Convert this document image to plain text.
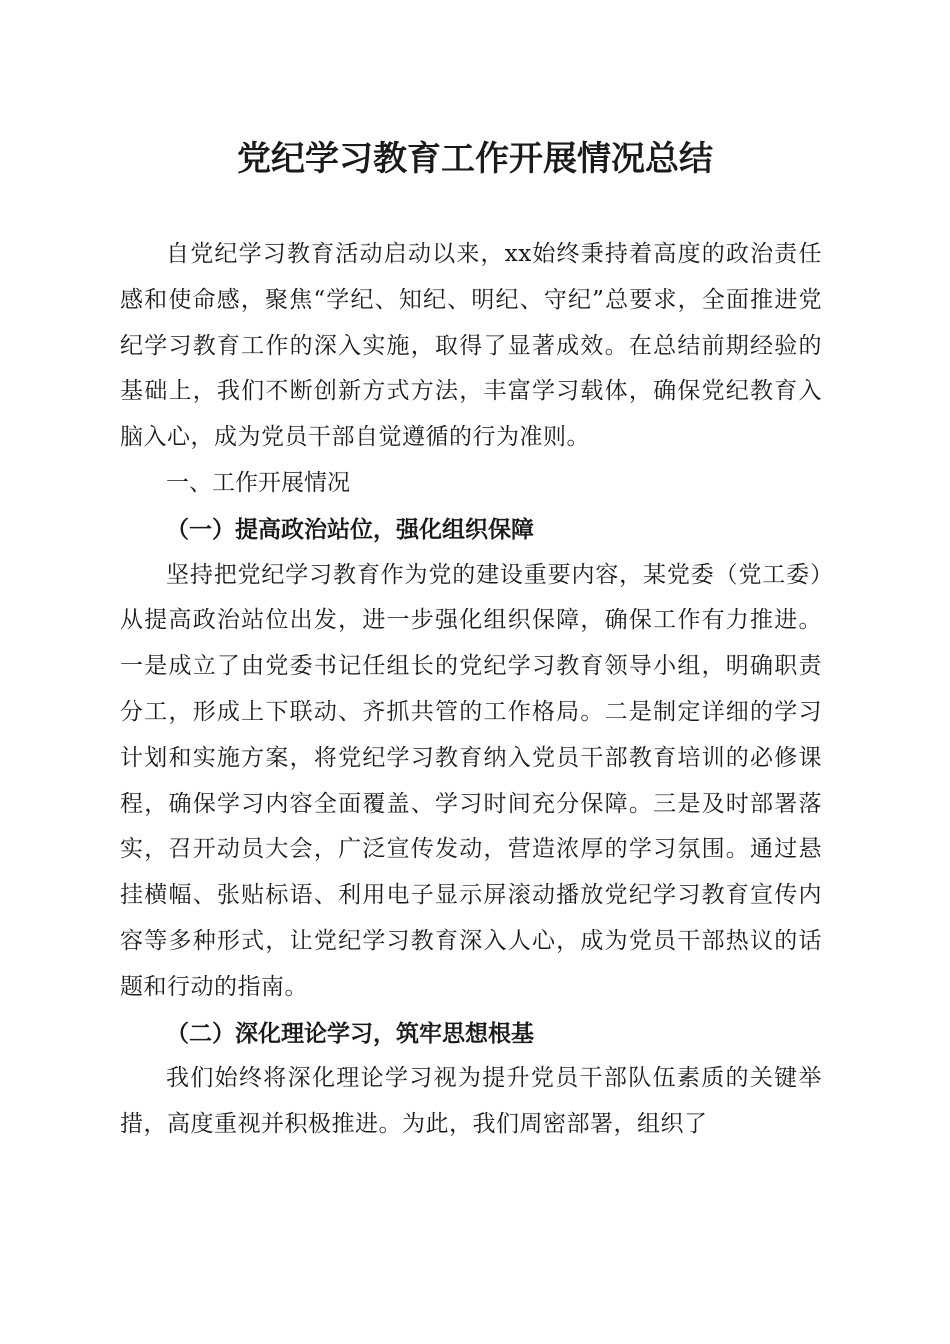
党纪学习教育工作开展情况总结

自党纪学习教育活动启动以来，xx始终秉持着高度的政治责任感和使命感，聚焦“学纪、知纪、明纪、守纪”总要求，全面推进党纪学习教育工作的深入实施，取得了显著成效。在总结前期经验的基础上，我们不断创新方式方法，丰富学习载体，确保党纪教育入脑入心，成为党员干部自觉遵循的行为准则。

一、工作开展情况

（一）提高政治站位，强化组织保障

坚持把党纪学习教育作为党的建设重要内容，某党委（党工委）从提高政治站位出发，进一步强化组织保障，确保工作有力推进。一是成立了由党委书记任组长的党纪学习教育领导小组，明确职责分工，形成上下联动、齐抓共管的工作格局。二是制定详细的学习计划和实施方案，将党纪学习教育纳入党员干部教育培训的必修课程，确保学习内容全面覆盖、学习时间充分保障。三是及时部署落实，召开动员大会，广泛宣传发动，营造浓厚的学习氛围。通过悬挂横幅、张贴标语、利用电子显示屏滚动播放党纪学习教育宣传内容等多种形式，让党纪学习教育深入人心，成为党员干部热议的话题和行动的指南。

（二）深化理论学习，筑牢思想根基

我们始终将深化理论学习视为提升党员干部队伍素质的关键举措，高度重视并积极推进。为此，我们周密部署，组织了
